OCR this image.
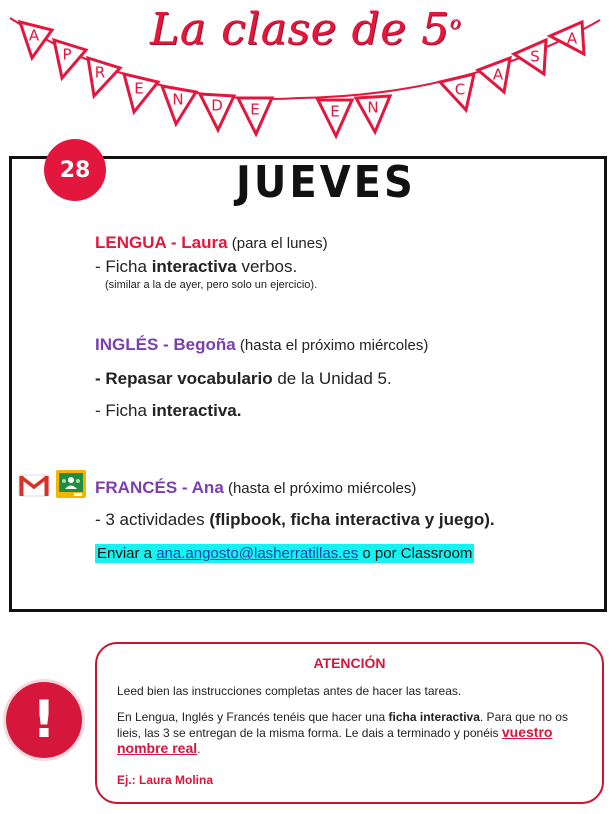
A
P
R
E
N D E	E N
C
A
S
A
La clase de 5$^o$
28	JUEVES
LENGUA - Laura (para el lunes)
- Ficha interactiva verbos.
(similar a la de ayer, pero solo un ejercicio).
INGLÉS - Begoña (hasta el próximo miércoles)
- Repasar vocabulario de la Unidad 5.
- Ficha interactiva.
FRANCÉS - Ana (hasta el próximo miércoles)
- 3 actividades (flipbook, ficha interactiva y juego).
Enviar a ana.angosto@lasherratillas.es o por Classroom
!
ATENCIÓN
Leed bien las instrucciones completas antes de hacer las tareas.
En Lengua, Inglés y Francés tenéis que hacer una ficha interactiva. Para que no os lieis, las 3 se entregan de la misma forma. Le dais a terminado y ponéis vuestro nombre real.
Ej.: Laura Molina
